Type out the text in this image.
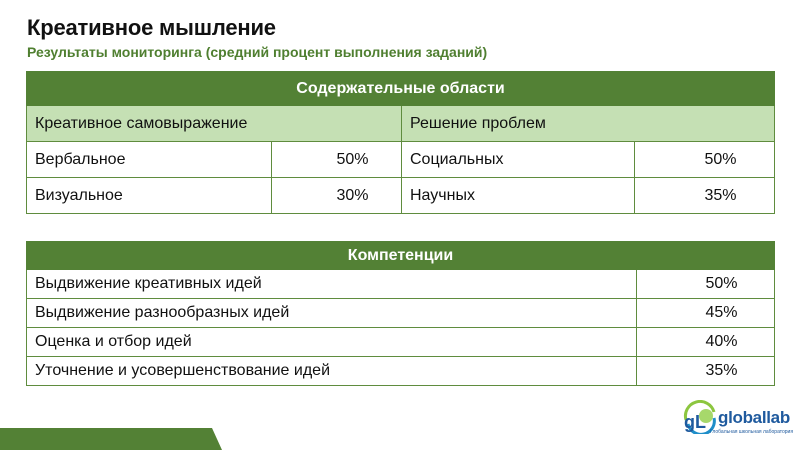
Креативное мышление
Результаты мониторинга (средний процент выполнения заданий)
Содержательные области			
Креативное самовыражение		Решение проблем	
Вербальное	50%	Социальных	50%
Визуальное	30%	Научных	35%
Компетенции	
Выдвижение креативных идей	50%
Выдвижение разнообразных идей	45%
Оценка и отбор идей	40%
Уточнение и усовершенствование идей	35%
gL globallab
Глобальная школьная лаборатория
